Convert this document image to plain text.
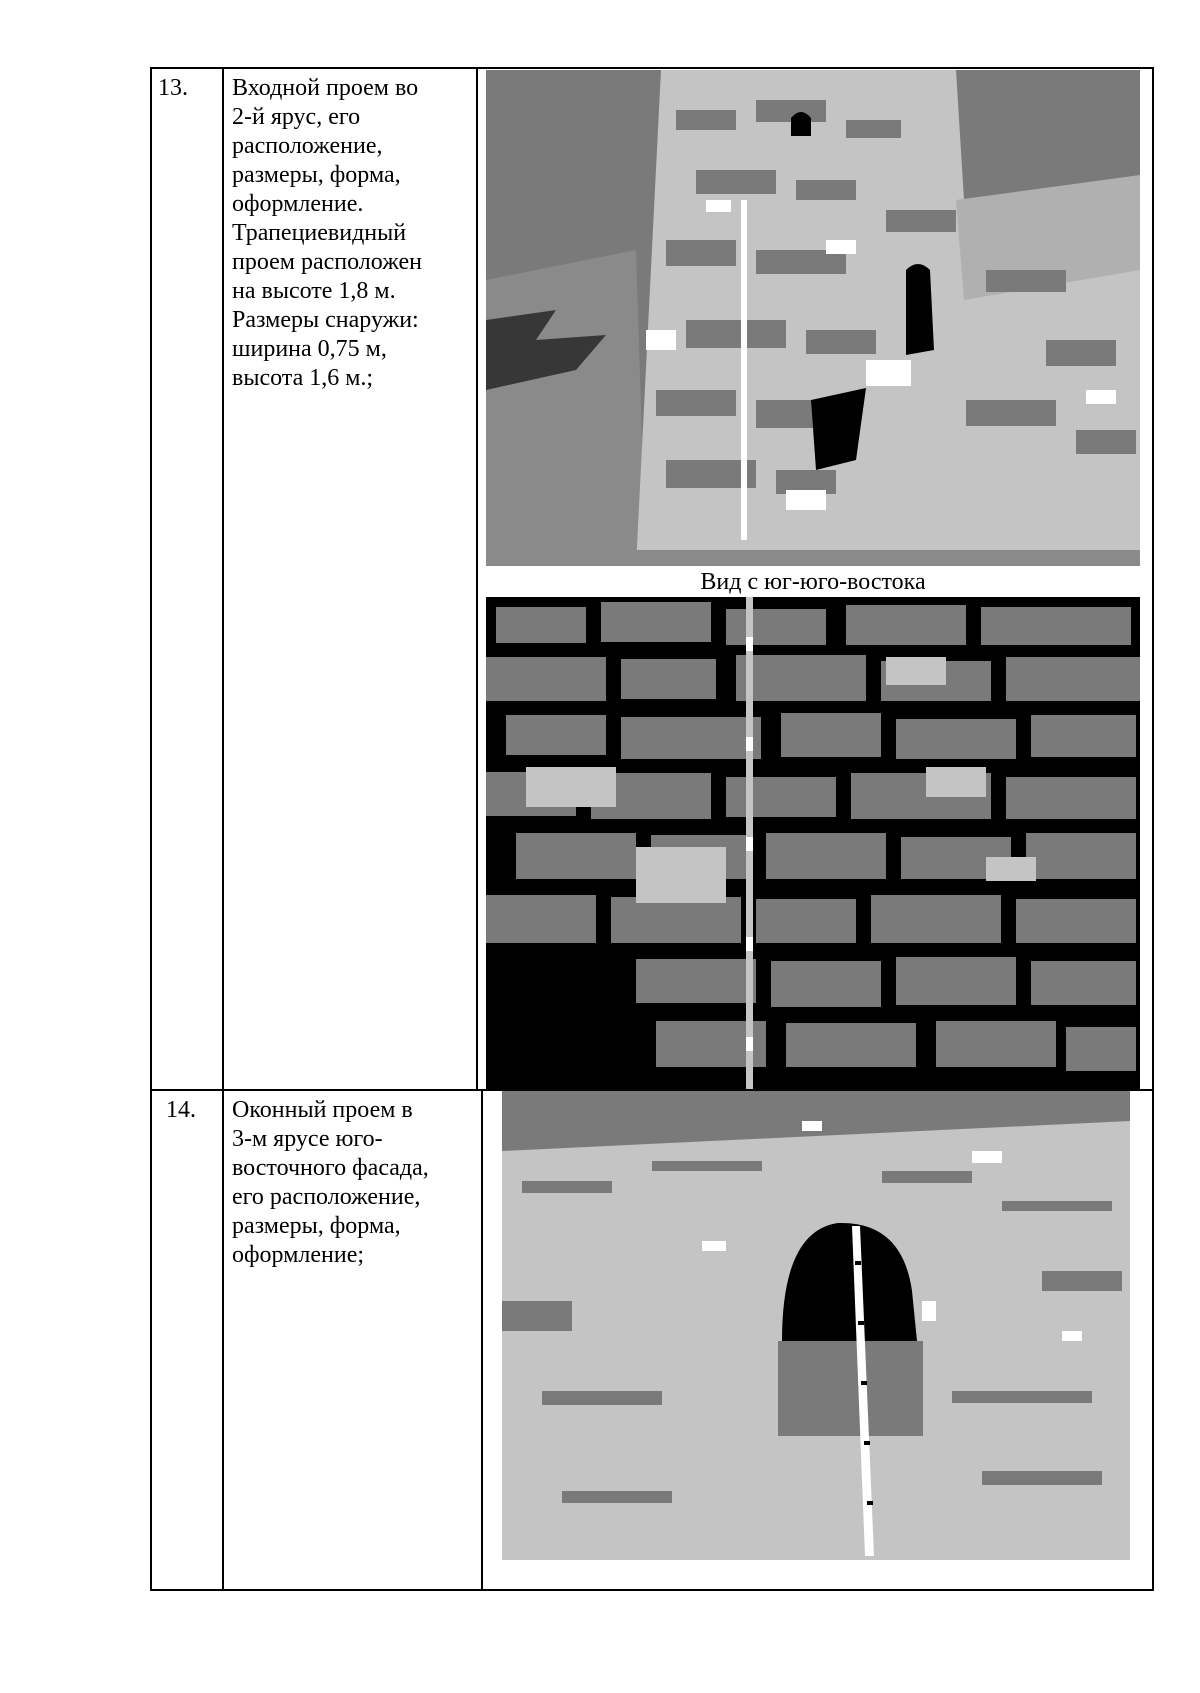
13. Входной проем во
2-й ярус, его
расположение,
размеры, форма,
оформление.
Трапециевидный
проем расположен
на высоте 1,8 м.
Размеры снаружи:
ширина 0,75 м,
высота 1,6 м.;
Вид с юг-юго-востока
14. Оконный проем в
3-м ярусе юго-
восточного фасада,
его расположение,
размеры, форма,
оформление;
